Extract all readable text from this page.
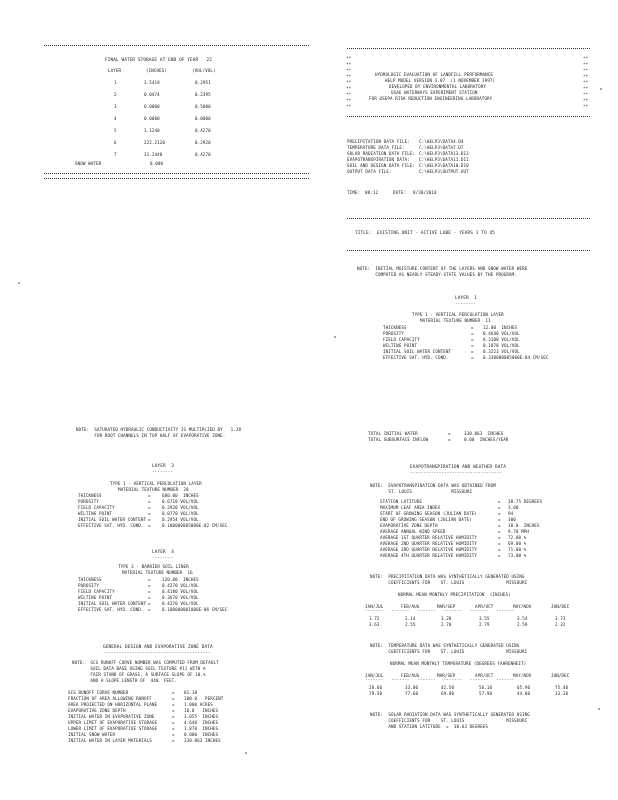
**
**
**
**
**
**
**
**
**
**
**
**
**
**
**
**
**
**
FINAL WATER STORAGE AT END OF YEAR   22
LAYER	(INCHES)	(VOL/VOL)
1	3.5419	0.2951
2	0.0474	0.2395
3	6.0000	0.5000
4	0.0000	0.0000
5	3.1240	0.4270
6	222.2120	0.2920
7	31.2440	0.4270
SNOW WATER	0.000
HYDROLOGIC EVALUATION OF LANDFILL PERFORMANCE
HELP MODEL VERSION 3.07  (1 NOVEMBER 1997)
DEVELOPED BY ENVIRONMENTAL LABORATORY
USAE WATERWAYS EXPERIMENT STATION
FOR USEPA RISK REDUCTION ENGINEERING LABORATORY
PRECIPITATION DATA FILE: C:\HELP3\DATA4.D4
TEMPERATURE DATA FILE:	C:\HELP3\DATA7.D7
SOLAR RADIATION DATA FILE: C:\HELP3\DATA13.D13
EVAPOTRANSPIRATION DATA: C:\HELP3\DATA11.D11
SOIL AND DESIGN DATA FILE: C:\HELP3\DATA10.D10
OUTPUT DATA FILE:	C:\HELP3\OUTPUT.OUT
TIME: 00:12	DATE: 8/30/2018
TITLE:  EXISTING UNIT - ACTIVE LOBE - YEARS 1 TO 45
NOTE:  INITIAL MOISTURE CONTENT OF THE LAYERS AND SNOW WATER WERE
COMPUTED AS NEARLY STEADY-STATE VALUES BY THE PROGRAM.
LAYER  1
--------
TYPE 1 - VERTICAL PERCOLATION LAYER
MATERIAL TEXTURE NUMBER  11
THICKNESS	= 12.00  INCHES
POROSITY	= 0.4640 VOL/VOL
FIELD CAPACITY	= 0.3100 VOL/VOL
WILTING POINT	= 0.1870 VOL/VOL
INITIAL SOIL WATER CONTENT	= 0.3223 VOL/VOL
EFFECTIVE SAT. HYD. COND.	= 0.330000005000E-04 CM/SEC
NOTE:  SATURATED HYDRAULIC CONDUCTIVITY IS MULTIPLIED BY   1.28
FOR ROOT CHANNELS IN TOP HALF OF EVAPORATIVE ZONE.	TOTAL INITIAL WATER	=	330.863  INCHES
TOTAL SUBSURFACE INFLOW	=	0.00  INCHES/YEAR
LAYER  3
--------
TYPE 1 - VERTICAL PERCOLATION LAYER
MATERIAL TEXTURE NUMBER  28
THICKNESS	=	600.00  INCHES
POROSITY	=	0.6710 VOL/VOL
FIELD CAPACITY	=	0.2920 VOL/VOL
WILTING POINT	=	0.0770 VOL/VOL
INITIAL SOIL WATER CONTENT =	0.2954 VOL/VOL
EFFECTIVE SAT. HYD. COND. =	0.100000005000E-02 CM/SEC
LAYER  4
--------
TYPE 3 - BARRIER SOIL LINER
MATERIAL TEXTURE NUMBER  16
THICKNESS	=	120.00  INCHES
POROSITY	=	0.4270 VOL/VOL
FIELD CAPACITY	=	0.4180 VOL/VOL
WILTING POINT	=	0.3670 VOL/VOL
INITIAL SOIL WATER CONTENT =	0.4270 VOL/VOL
EFFECTIVE SAT. HYD. COND. =	0.100000001000E-06 CM/SEC
EVAPOTRANSPIRATION AND WEATHER DATA
-----------------------------------
NOTE:  EVAPOTRANSPIRATION DATA WAS OBTAINED FROM
ST. LOUIS               MISSOURI
STATION LATITUDE	= 38.75 DEGREES
MAXIMUM LEAF AREA INDEX	= 3.00
START OF GROWING SEASON (JULIAN DATE)	= 94
END OF GROWING SEASON (JULIAN DATE)	= 300
EVAPORATIVE ZONE DEPTH	= 10.0  INCHES
AVERAGE ANNUAL WIND SPEED	= 9.70 MPH
AVERAGE 1ST QUARTER RELATIVE HUMIDITY	= 72.00 %
AVERAGE 2ND QUARTER RELATIVE HUMIDITY	= 69.00 %
AVERAGE 3RD QUARTER RELATIVE HUMIDITY	= 71.00 %
AVERAGE 4TH QUARTER RELATIVE HUMIDITY	= 73.00 %
NOTE:  PRECIPITATION DATA WAS SYNTHETICALLY GENERATED USING
COEFFICIENTS FOR    ST. LOUIS                MISSOURI
NORMAL MEAN MONTHLY PRECIPITATION  (INCHES)
JAN/JUL	FEB/AUG	MAR/SEP	APR/OCT	MAY/NOV	JUN/DEC
-------   -------   -------   -------   -------   -------
1.72	2.14	3.28	3.55	3.54	3.73
3.63	2.55	2.70	2.79	2.59	2.32
NOTE:  TEMPERATURE DATA WAS SYNTHETICALLY GENERATED USING
COEFFICIENTS FOR    ST. LOUIS                MISSOURI
NORMAL MEAN MONTHLY TEMPERATURE (DEGREES FAHRENHEIT)
JAN/JUL	FEB/AUG	MAR/SEP	APR/OCT	MAY/NOV	JUN/DEC
-------   -------   -------   -------   -------   -------
28.60	33.00	42.50	56.10	65.90	75.40
79.50	77.60	69.80	57.90	44.00	33.20
NOTE:  SOLAR RADIATION DATA WAS SYNTHETICALLY GENERATED USING
COEFFICIENTS FOR    ST. LOUIS                MISSOURI
AND STATION LATITUDE  =  38.63 DEGREES
GENERAL DESIGN AND EVAPORATIVE ZONE DATA
-----------------------------------------
NOTE:  SCS RUNOFF CURVE NUMBER WAS COMPUTED FROM DEFAULT
SOIL DATA BASE USING SOIL TEXTURE #11 WITH A
FAIR STAND OF GRASS, A SURFACE SLOPE OF 10.%
AND A SLOPE LENGTH OF  440. FEET.
SCS RUNOFF CURVE NUMBER	= 81.10
FRACTION OF AREA ALLOWING RUNOFF	= 100.0   PERCENT
AREA PROJECTED ON HORIZONTAL PLANE	= 1.000 ACRES
EVAPORATIVE ZONE DEPTH	= 10.0   INCHES
INITIAL WATER IN EVAPORATIVE ZONE	= 3.055  INCHES
UPPER LIMIT OF EVAPORATIVE STORAGE	= 4.640  INCHES
LOWER LIMIT OF EVAPORATIVE STORAGE	= 1.870  INCHES
INITIAL SNOW WATER	= 0.000  INCHES
INITIAL WATER IN LAYER MATERIALS	= 330.863 INCHES
